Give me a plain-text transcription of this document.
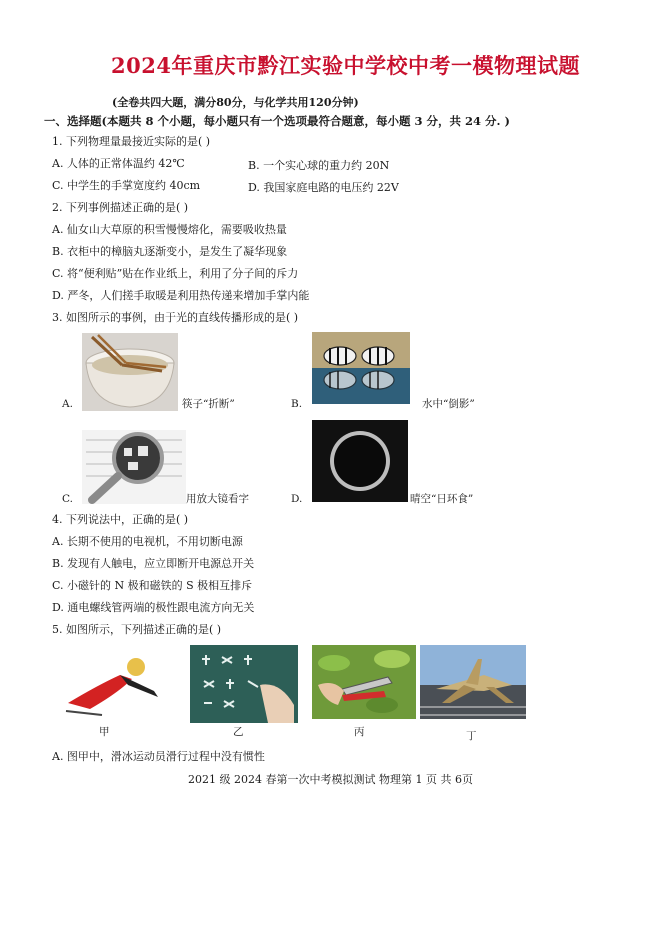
2024年重庆市黔江实验中学校中考一模物理试题
(全卷共四大题，满分80分，与化学共用120分钟)
一、选择题(本题共 8 个小题，每小题只有一个选项最符合题意，每小题 3 分，共 24 分. )
1. 下列物理量最接近实际的是( )
A. 人体的正常体温约 42℃	B. 一个实心球的重力约 20N
C. 中学生的手掌宽度约 40cm	D. 我国家庭电路的电压约 22V
2. 下列事例描述正确的是( )
A. 仙女山大草原的积雪慢慢熔化，需要吸收热量
B. 衣柜中的樟脑丸逐渐变小，是发生了凝华现象
C. 将“便利贴”贴在作业纸上，利用了分子间的斥力
D. 严冬，人们搓手取暖是利用热传递来增加手掌内能
3. 如图所示的事例，由于光的直线传播形成的是( )
A.	筷子“折断”	B.	水中“倒影”
C.	用放大镜看字	D.	晴空“日环食”
4. 下列说法中，正确的是( )
A. 长期不使用的电视机，不用切断电源
B. 发现有人触电，应立即断开电源总开关
C. 小磁针的 N 极和磁铁的 S 极相互排斥
D. 通电螺线管两端的极性跟电流方向无关
5. 如图所示，下列描述正确的是( )
甲	乙	丙	丁
A. 图甲中，滑冰运动员滑行过程中没有惯性
2021 级 2024 春第一次中考模拟测试 物理第 1 页 共 6页
